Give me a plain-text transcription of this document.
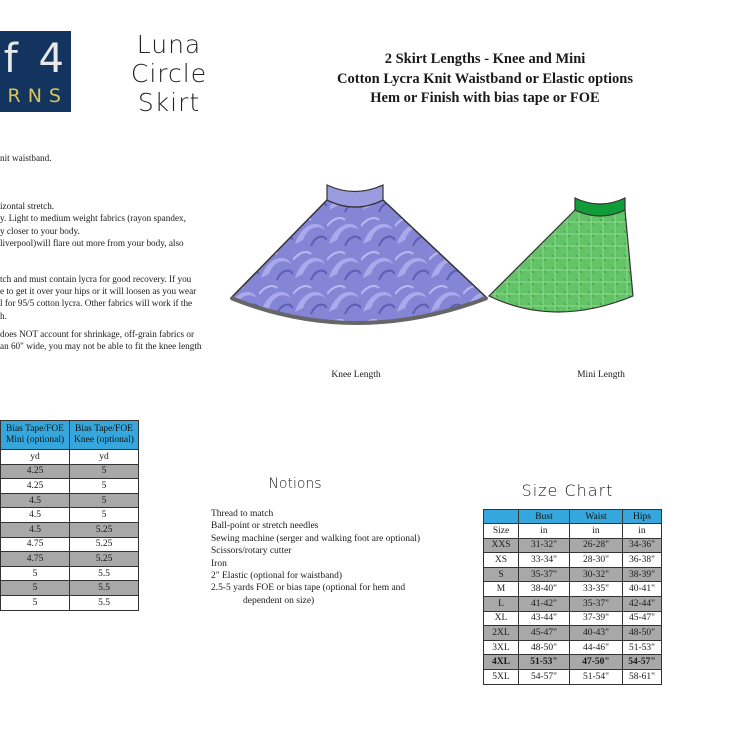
f 4
RNS
Luna
Circle
Skirt
2 Skirt Lengths - Knee and Mini
Cotton Lycra Knit Waistband or Elastic options
Hem or Finish with bias tape or FOE

nit waistband.

izontal stretch.

y. Light to medium weight fabrics (rayon spandex,

y closer to your body.

liverpool)will flare out more from your body, also

tch and must contain lycra for good recovery. If you

e to get it over your hips or it will loosen as you wear

l for 95/5 cotton lycra. Other fabrics will work if the

h.

does NOT account for shrinkage, off-grain fabrics or

an 60" wide, you may not be able to fit the knee length

Knee Length	Mini Length
Bias Tape/FOE Mini (optional)	Bias Tape/FOE Knee (optional)
yd	yd
4.25	5
4.25	5
4.5	5
4.5	5
4.5	5.25
4.75	5.25
4.75	5.25
5	5.5
5	5.5
5	5.5
Notions
Thread to match
Ball-point or stretch needles
Sewing machine (serger and walking foot are optional)
Scissors/rotary cutter
Iron
2" Elastic (optional for waistband)
2.5-5 yards FOE or bias tape (optional for hem and
dependent on size)
Size Chart
	Bust	Waist	Hips
Size	in	in	in
XXS	31-32"	26-28"	34-36"
XS	33-34"	28-30"	36-38"
S	35-37"	30-32"	38-39"
M	38-40"	33-35"	40-41"
L	41-42"	35-37"	42-44"
XL	43-44"	37-39"	45-47"
2XL	45-47"	40-43"	48-50"
3XL	48-50"	44-46"	51-53"
4XL	51-53"	47-50"	54-57"
5XL	54-57"	51-54"	58-61"
